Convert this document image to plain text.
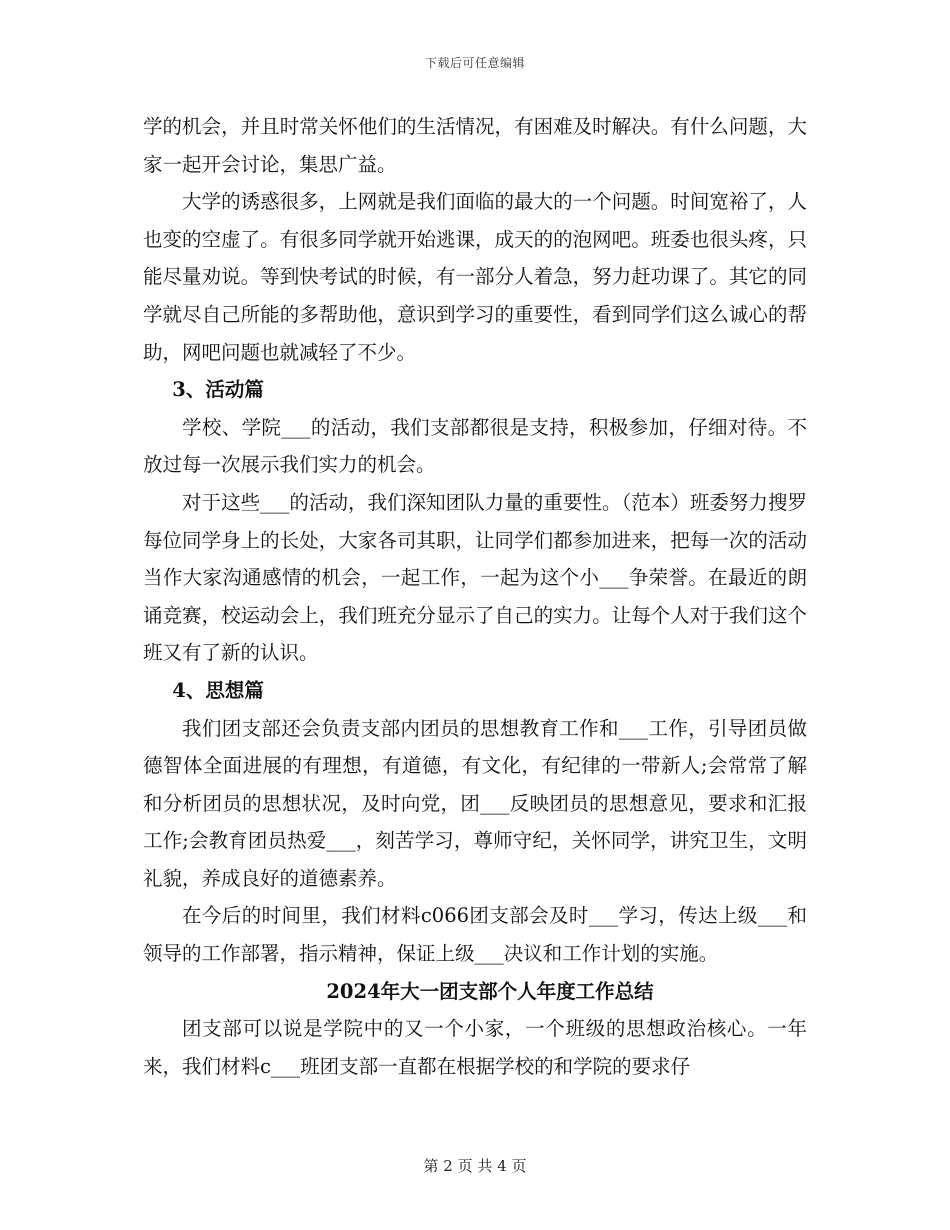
下载后可任意编辑

学的机会，并且时常关怀他们的生活情况，有困难及时解决。有什么问题，大家一起开会讨论，集思广益。

大学的诱惑很多，上网就是我们面临的最大的一个问题。时间宽裕了，人也变的空虚了。有很多同学就开始逃课，成天的的泡网吧。班委也很头疼，只能尽量劝说。等到快考试的时候，有一部分人着急，努力赶功课了。其它的同学就尽自己所能的多帮助他，意识到学习的重要性，看到同学们这么诚心的帮助，网吧问题也就减轻了不少。

3、活动篇

学校、学院___的活动，我们支部都很是支持，积极参加，仔细对待。不放过每一次展示我们实力的机会。

对于这些___的活动，我们深知团队力量的重要性。（范本）班委努力搜罗每位同学身上的长处，大家各司其职，让同学们都参加进来，把每一次的活动当作大家沟通感情的机会，一起工作，一起为这个小___争荣誉。在最近的朗诵竞赛，校运动会上，我们班充分显示了自己的实力。让每个人对于我们这个班又有了新的认识。

4、思想篇

我们团支部还会负责支部内团员的思想教育工作和___工作，引导团员做德智体全面进展的有理想，有道德，有文化，有纪律的一带新人;会常常了解和分析团员的思想状况，及时向党，团___反映团员的思想意见，要求和汇报工作;会教育团员热爱___，刻苦学习，尊师守纪，关怀同学，讲究卫生，文明礼貌，养成良好的道德素养。

在今后的时间里，我们材料c066团支部会及时___学习，传达上级___和领导的工作部署，指示精神，保证上级___决议和工作计划的实施。

2024年大一团支部个人年度工作总结

团支部可以说是学院中的又一个小家，一个班级的思想政治核心。一年来，我们材料c___班团支部一直都在根据学校的和学院的要求仔

第 2 页 共 4 页
